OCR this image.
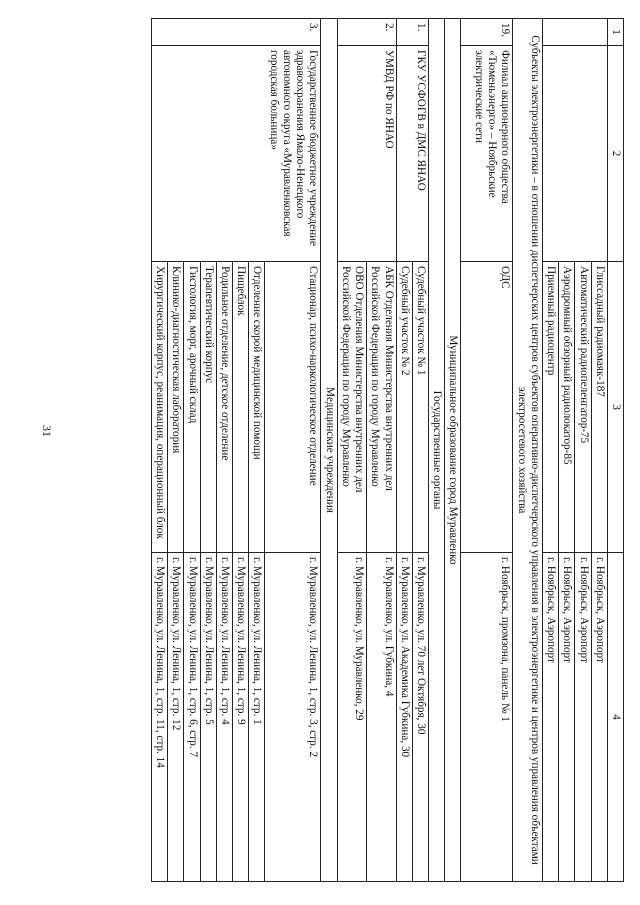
31
1	2	3	4
		Глиссадный радиомаяк-187	г. Ноябрьск, Аэропорт
		Автоматический радиопеленгатор-75	г. Ноябрьск, Аэропорт
		Аэродромный обзорный радиолокатор-85	г. Ноябрьск, Аэропорт
		Приемный радиоцентр	г. Ноябрьск, Аэропорт
Субъекты электроэнергетики – в отношении диспетчерских центров субъектов оперативно-диспетчерского управления в электроэнергетике и центров управления объектами электросетевого хозяйства			
19.	Филиал акционерного общества «Тюменьэнерго» – Ноябрьские электрические сети	ОДС	г. Ноябрьск, промзона, панель № 1
Муниципальное образование город Муравленко			
Государственные органы			
1.	ГКУ УСФОГВ в ДМС ЯНАО	Судебный участок № 1	г. Муравленко, ул. 70 лет Октября, 30
		Судебный участок № 2	г. Муравленко, ул. Академика Губкина, 30
2.	УМВД РФ по ЯНАО	АБК Отделения Министерства внутренних дел Российской Федерации по городу Муравленко	г. Муравленко, ул. Губкина, 4
		ОВО Отделения Министерства внутренних дел Российской Федерации по городу Муравленко	г. Муравленко, ул. Муравленко, 29
Медицинские учреждения			
3.	Государственное бюджетное учреждение здравоохранения Ямало-Ненецкого автономного округа «Муравленковская городская больница»	Стационар, психо-наркологическое отделение	г. Муравленко, ул. Ленина, 1, стр. 3, стр. 2
		Отделение скорой медицинской помощи	г. Муравленко, ул. Ленина, 1, стр. 1
		Пищеблок	г. Муравленко, ул. Ленина, 1, стр. 9
		Родильное отделение, детское отделение	г. Муравленко, ул. Ленина, 1, стр. 4
		Терапевтический корпус	г. Муравленко, ул. Ленина, 1, стр. 5
		Гистология, морг, арочный склад	г. Муравленко, ул. Ленина, 1, стр. 6, стр. 7
		Клинико-диагностическая лаборатория	г. Муравленко, ул. Ленина, 1, стр. 12
		Хирургический корпус, реанимация, операционный блок	г. Муравленко, ул. Ленина, 1, стр. 11, стр. 14
